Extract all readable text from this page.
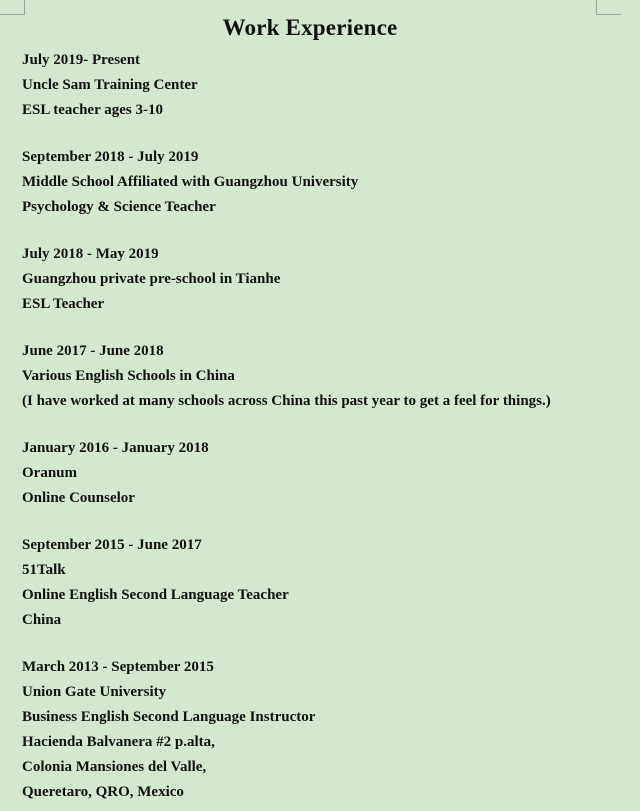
Work Experience
July 2019- Present
Uncle Sam Training Center
ESL teacher ages 3-10
September 2018 - July 2019
Middle School Affiliated with Guangzhou University
Psychology & Science Teacher
July 2018 - May 2019
Guangzhou private pre-school in Tianhe
ESL Teacher
June 2017 - June 2018
Various English Schools in China
(I have worked at many schools across China this past year to get a feel for things.)
January 2016 - January 2018
Oranum
Online Counselor
September 2015 - June 2017
51Talk
Online English Second Language Teacher
China
March 2013 - September 2015
Union Gate University
Business English Second Language Instructor
Hacienda Balvanera #2 p.alta,
Colonia Mansiones del Valle,
Queretaro, QRO, Mexico
